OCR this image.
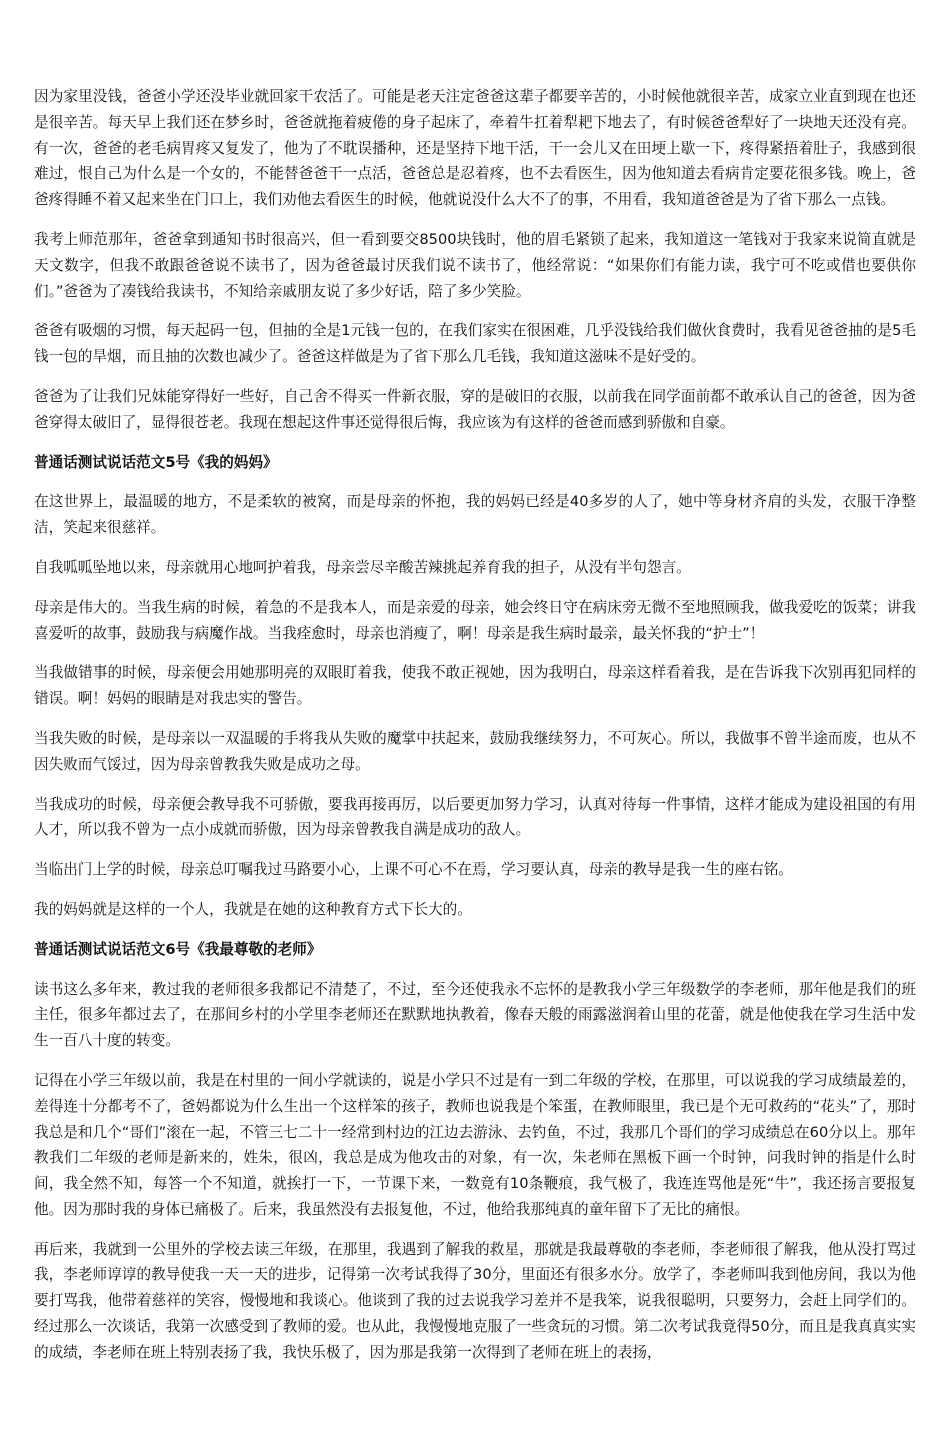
因为家里没钱，爸爸小学还没毕业就回家干农活了。可能是老天注定爸爸这辈子都要辛苦的，小时候他就很辛苦，成家立业直到现在也还是很辛苦。每天早上我们还在梦乡时，爸爸就拖着疲倦的身子起床了，牵着牛扛着犁耙下地去了，有时候爸爸犁好了一块地天还没有亮。有一次，爸爸的老毛病胃疼又复发了，他为了不耽误播种，还是坚持下地干活，干一会儿又在田埂上歇一下，疼得紧捂着肚子，我感到很难过，恨自己为什么是一个女的，不能替爸爸干一点活，爸爸总是忍着疼，也不去看医生，因为他知道去看病肯定要花很多钱。晚上，爸爸疼得睡不着又起来坐在门口上，我们劝他去看医生的时候，他就说没什么大不了的事，不用看，我知道爸爸是为了省下那么一点钱。

我考上师范那年，爸爸拿到通知书时很高兴，但一看到要交8500块钱时，他的眉毛紧锁了起来，我知道这一笔钱对于我家来说简直就是天文数字，但我不敢跟爸爸说不读书了，因为爸爸最讨厌我们说不读书了，他经常说：“如果你们有能力读，我宁可不吃或借也要供你们。”爸爸为了凑钱给我读书，不知给亲戚朋友说了多少好话，陪了多少笑脸。

爸爸有吸烟的习惯，每天起码一包，但抽的全是1元钱一包的，在我们家实在很困难，几乎没钱给我们做伙食费时，我看见爸爸抽的是5毛钱一包的旱烟，而且抽的次数也减少了。爸爸这样做是为了省下那么几毛钱，我知道这滋味不是好受的。

爸爸为了让我们兄妹能穿得好一些好，自己舍不得买一件新衣服，穿的是破旧的衣服，以前我在同学面前都不敢承认自己的爸爸，因为爸爸穿得太破旧了，显得很苍老。我现在想起这件事还觉得很后悔，我应该为有这样的爸爸而感到骄傲和自豪。

普通话测试说话范文5号《我的妈妈》

在这世界上，最温暖的地方，不是柔软的被窝，而是母亲的怀抱，我的妈妈已经是40多岁的人了，她中等身材齐肩的头发，衣服干净整洁，笑起来很慈祥。

自我呱呱坠地以来，母亲就用心地呵护着我，母亲尝尽辛酸苦辣挑起养育我的担子，从没有半句怨言。

母亲是伟大的。当我生病的时候，着急的不是我本人，而是亲爱的母亲，她会终日守在病床旁无微不至地照顾我，做我爱吃的饭菜；讲我喜爱听的故事，鼓励我与病魔作战。当我痊愈时，母亲也消瘦了，啊！母亲是我生病时最亲，最关怀我的“护士”！

当我做错事的时候，母亲便会用她那明亮的双眼盯着我，使我不敢正视她，因为我明白，母亲这样看着我，是在告诉我下次别再犯同样的错误。啊！妈妈的眼睛是对我忠实的警告。

当我失败的时候，是母亲以一双温暖的手将我从失败的魔掌中扶起来，鼓励我继续努力，不可灰心。所以，我做事不曾半途而废，也从不因失败而气馁过，因为母亲曾教我失败是成功之母。

当我成功的时候，母亲便会教导我不可骄傲，要我再接再厉，以后要更加努力学习，认真对待每一件事情，这样才能成为建设祖国的有用人才，所以我不曾为一点小成就而骄傲，因为母亲曾教我自满是成功的敌人。

当临出门上学的时候，母亲总叮嘱我过马路要小心，上课不可心不在焉，学习要认真，母亲的教导是我一生的座右铭。

我的妈妈就是这样的一个人，我就是在她的这种教育方式下长大的。

普通话测试说话范文6号《我最尊敬的老师》

读书这么多年来，教过我的老师很多我都记不清楚了，不过，至今还使我永不忘怀的是教我小学三年级数学的李老师，那年他是我们的班主任，很多年都过去了，在那间乡村的小学里李老师还在默默地执教着，像春天般的雨露滋润着山里的花蕾，就是他使我在学习生活中发生一百八十度的转变。

记得在小学三年级以前，我是在村里的一间小学就读的，说是小学只不过是有一到二年级的学校，在那里，可以说我的学习成绩最差的，差得连十分都考不了，爸妈都说为什么生出一个这样笨的孩子，教师也说我是个笨蛋，在教师眼里，我已是个无可救药的“花头”了，那时我总是和几个“哥们”滚在一起，不管三七二十一经常到村边的江边去游泳、去钓鱼，不过，我那几个哥们的学习成绩总在60分以上。那年教我们二年级的老师是新来的，姓朱，很凶，我总是成为他攻击的对象，有一次，朱老师在黑板下画一个时钟，问我时钟的指是什么时间，我全然不知，每答一个不知道，就挨打一下，一节课下来，一数竟有10条鞭痕，我气极了，我连连骂他是死“牛”，我还扬言要报复他。因为那时我的身体已痛极了。后来，我虽然没有去报复他，不过，他给我那纯真的童年留下了无比的痛恨。

再后来，我就到一公里外的学校去读三年级，在那里，我遇到了解我的救星，那就是我最尊敬的李老师，李老师很了解我，他从没打骂过我，李老师谆谆的教导使我一天一天的进步，记得第一次考试我得了30分，里面还有很多水分。放学了，李老师叫我到他房间，我以为他要打骂我，他带着慈祥的笑容，慢慢地和我谈心。他谈到了我的过去说我学习差并不是我笨，说我很聪明，只要努力，会赶上同学们的。经过那么一次谈话，我第一次感受到了教师的爱。也从此，我慢慢地克服了一些贪玩的习惯。第二次考试我竟得50分，而且是我真真实实的成绩，李老师在班上特别表扬了我，我快乐极了，因为那是我第一次得到了老师在班上的表扬，
